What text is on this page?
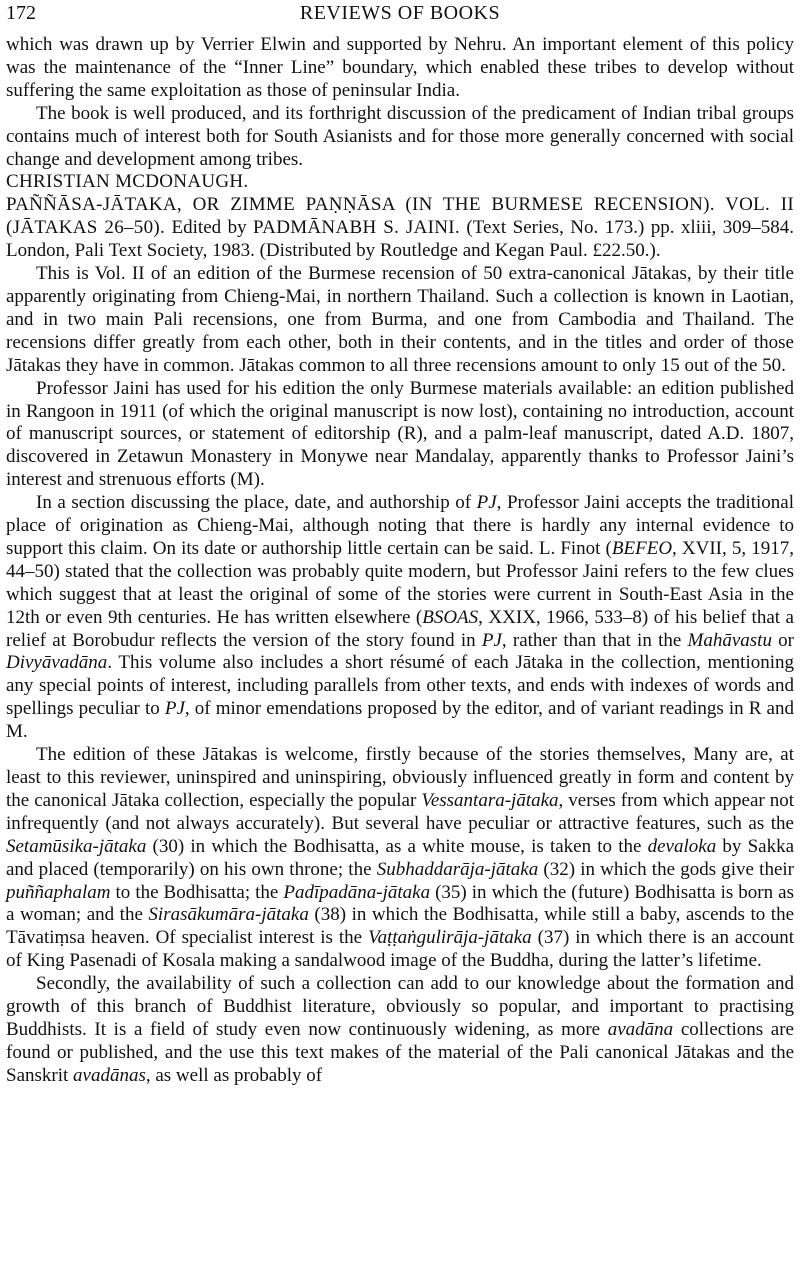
172	REVIEWS OF BOOKS

which was drawn up by Verrier Elwin and supported by Nehru. An important element of this policy was the maintenance of the “Inner Line” boundary, which enabled these tribes to develop without suffering the same exploitation as those of peninsular India.

The book is well produced, and its forthright discussion of the predicament of Indian tribal groups contains much of interest both for South Asianists and for those more generally concerned with social change and development among tribes.

CHRISTIAN MCDONAUGH.

PAÑÑĀSA-JĀTAKA, OR ZIMME PAṆṆĀSA (IN THE BURMESE RECENSION). VOL. II (JĀTAKAS 26–50). Edited by PADMĀNABH S. JAINI. (Text Series, No. 173.) pp. xliii, 309–584. London, Pali Text Society, 1983. (Distributed by Routledge and Kegan Paul. £22.50.).

This is Vol. II of an edition of the Burmese recension of 50 extra-canonical Jātakas, by their title apparently originating from Chieng-Mai, in northern Thailand. Such a collection is known in Laotian, and in two main Pali recensions, one from Burma, and one from Cambodia and Thailand. The recensions differ greatly from each other, both in their contents, and in the titles and order of those Jātakas they have in common. Jātakas common to all three recensions amount to only 15 out of the 50.

Professor Jaini has used for his edition the only Burmese materials available: an edition published in Rangoon in 1911 (of which the original manuscript is now lost), containing no introduction, account of manuscript sources, or statement of editorship (R), and a palm-leaf manuscript, dated A.D. 1807, discovered in Zetawun Monastery in Monywe near Mandalay, apparently thanks to Professor Jaini’s interest and strenuous efforts (M).

In a section discussing the place, date, and authorship of PJ, Professor Jaini accepts the traditional place of origination as Chieng-Mai, although noting that there is hardly any internal evidence to support this claim. On its date or authorship little certain can be said. L. Finot (BEFEO, XVII, 5, 1917, 44–50) stated that the collection was probably quite modern, but Professor Jaini refers to the few clues which suggest that at least the original of some of the stories were current in South-East Asia in the 12th or even 9th centuries. He has written elsewhere (BSOAS, XXIX, 1966, 533–8) of his belief that a relief at Borobudur reflects the version of the story found in PJ, rather than that in the Mahāvastu or Divyāvadāna. This volume also includes a short résumé of each Jātaka in the collection, mentioning any special points of interest, including parallels from other texts, and ends with indexes of words and spellings peculiar to PJ, of minor emendations proposed by the editor, and of variant readings in R and M.

The edition of these Jātakas is welcome, firstly because of the stories themselves, Many are, at least to this reviewer, uninspired and uninspiring, obviously influenced greatly in form and content by the canonical Jātaka collection, especially the popular Vessantara-jātaka, verses from which appear not infrequently (and not always accurately). But several have peculiar or attractive features, such as the Setamūsika-jātaka (30) in which the Bodhisatta, as a white mouse, is taken to the devaloka by Sakka and placed (temporarily) on his own throne; the Subhaddarāja-jātaka (32) in which the gods give their puññaphalam to the Bodhisatta; the Padīpadāna-jātaka (35) in which the (future) Bodhisatta is born as a woman; and the Sirasākumāra-jātaka (38) in which the Bodhisatta, while still a baby, ascends to the Tāvatiṃsa heaven. Of specialist interest is the Vaṭṭaṅgulirāja-jātaka (37) in which there is an account of King Pasenadi of Kosala making a sandalwood image of the Buddha, during the latter’s lifetime.

Secondly, the availability of such a collection can add to our knowledge about the formation and growth of this branch of Buddhist literature, obviously so popular, and important to practising Buddhists. It is a field of study even now continuously widening, as more avadāna collections are found or published, and the use this text makes of the material of the Pali canonical Jātakas and the Sanskrit avadānas, as well as probably of
